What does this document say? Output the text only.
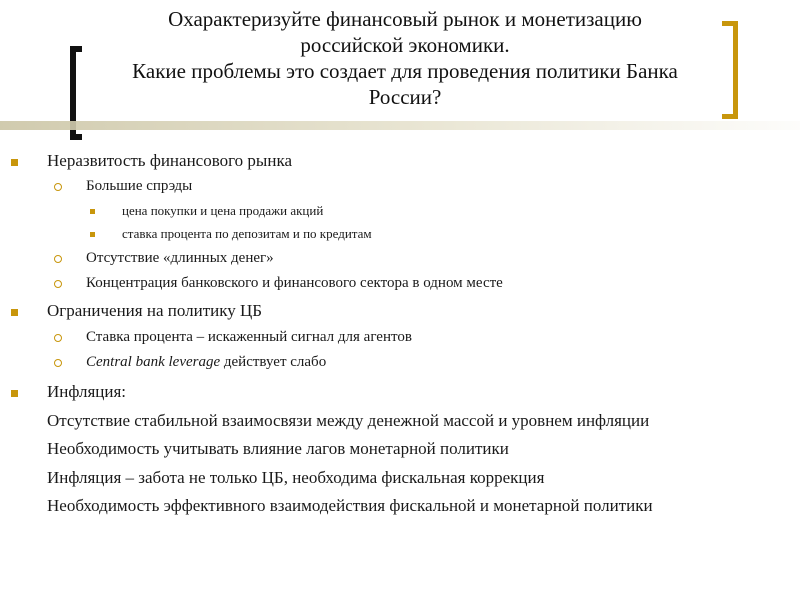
Охарактеризуйте финансовый рынок и монетизацию
российской экономики.
Какие проблемы это создает для проведения политики Банка
России?
Неразвитость финансового рынка
Большие спрэды
цена покупки и цена продажи акций
ставка процента по депозитам и по кредитам
Отсутствие «длинных денег»
Концентрация банковского и финансового сектора в одном месте
Ограничения на политику ЦБ
Ставка процента – искаженный сигнал для агентов
Central bank leverage действует слабо
Инфляция:
Отсутствие стабильной взаимосвязи между денежной массой и уровнем инфляции
Необходимость учитывать влияние лагов монетарной политики
Инфляция – забота не только ЦБ, необходима фискальная коррекция
Необходимость эффективного взаимодействия фискальной и монетарной политики
